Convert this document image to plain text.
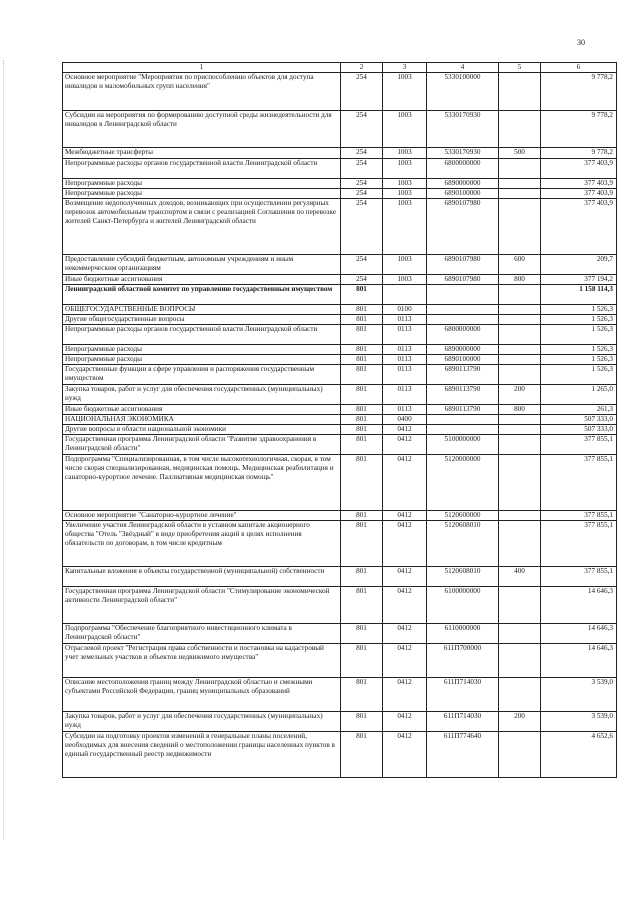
30
1	2	3	4	5	6
Основное мероприятие "Мероприятия по приспособлению объектов для доступа инвалидов и маломобильных групп населения"	254	1003	5330100000		9 778,2
Субсидии на мероприятия по формированию доступной среды жизнедеятельности для инвалидов в Ленинградской области	254	1003	5330170930		9 778,2
Межбюджетные трансферты	254	1003	5330170930	500	9 778,2
Непрограммные расходы органов государственной власти Ленинградской области	254	1003	6800000000		377 403,9
Непрограммные расходы	254	1003	6890000000		377 403,9
Непрограммные расходы	254	1003	6890100000		377 403,9
Возмещение недополученных доходов, возникающих при осуществлении регулярных перевозок автомобильным транспортом в связи с реализацией Соглашения по перевозке жителей Санкт-Петербурга и жителей Ленинградской области	254	1003	6890107980		377 403,9
Предоставление субсидий бюджетным, автономным учреждениям и иным некоммерческим организациям	254	1003	6890107980	600	209,7
Иные бюджетные ассигнования	254	1003	6890107980	800	377 194,2
Ленинградский областной комитет по управлению государственным имуществом	801				1 158 114,3
ОБЩЕГОСУДАРСТВЕННЫЕ ВОПРОСЫ	801	0100			1 526,3
Другие общегосударственные вопросы	801	0113			1 526,3
Непрограммные расходы органов государственной власти Ленинградской области	801	0113	6800000000		1 526,3
Непрограммные расходы	801	0113	6890000000		1 526,3
Непрограммные расходы	801	0113	6890100000		1 526,3
Государственные функции в сфере управления и распоряжения государственным имуществом	801	0113	6890113790		1 526,3
Закупка товаров, работ и услуг для обеспечения государственных (муниципальных) нужд	801	0113	6890113790	200	1 265,0
Иные бюджетные ассигнования	801	0113	6890113790	800	261,3
НАЦИОНАЛЬНАЯ ЭКОНОМИКА	801	0400			507 333,0
Другие вопросы в области национальной экономики	801	0412			507 333,0
Государственная программа Ленинградской области "Развитие здравоохранения в Ленинградской области"	801	0412	5100000000		377 855,1
Подпрограмма "Специализированная, в том числе высокотехнологичная, скорая, в том числе скорая специализированная, медицинская помощь. Медицинская реабилитация и санаторно-курортное лечение. Паллиативная медицинская помощь"	801	0412	5120000000		377 855,1
Основное мероприятие "Санаторно-курортное лечение"	801	0412	5120600000		377 855,1
Увеличение участия Ленинградской области в уставном капитале акционерного общества "Отель "Звёздный" в виде приобретения акций в целях исполнения обязательств по договорам, в том числе кредитным	801	0412	5120608010		377 855,1
Капитальные вложения в объекты государственной (муниципальной) собственности	801	0412	5120608010	400	377 855,1
Государственная программа Ленинградской области "Стимулирование экономической активности Ленинградской области"	801	0412	6100000000		14 646,3
Подпрограмма "Обеспечение благоприятного инвестиционного климата в Ленинградской области"	801	0412	6110000000		14 646,3
Отраслевой проект "Регистрация права собственности и постановка на кадастровый учет земельных участков и объектов недвижимого имущества"	801	0412	611П700000		14 646,3
Описание местоположения границ между Ленинградской областью и смежными субъектами Российской Федерации, границ муниципальных образований	801	0412	611П714030		3 539,0
Закупка товаров, работ и услуг для обеспечения государственных (муниципальных) нужд	801	0412	611П714030	200	3 539,0
Субсидии на подготовку проектов изменений в генеральные планы поселений, необходимых для внесения сведений о местоположении границы населенных пунктов в единый государственный реестр недвижимости	801	0412	611П774640		4 652,6
